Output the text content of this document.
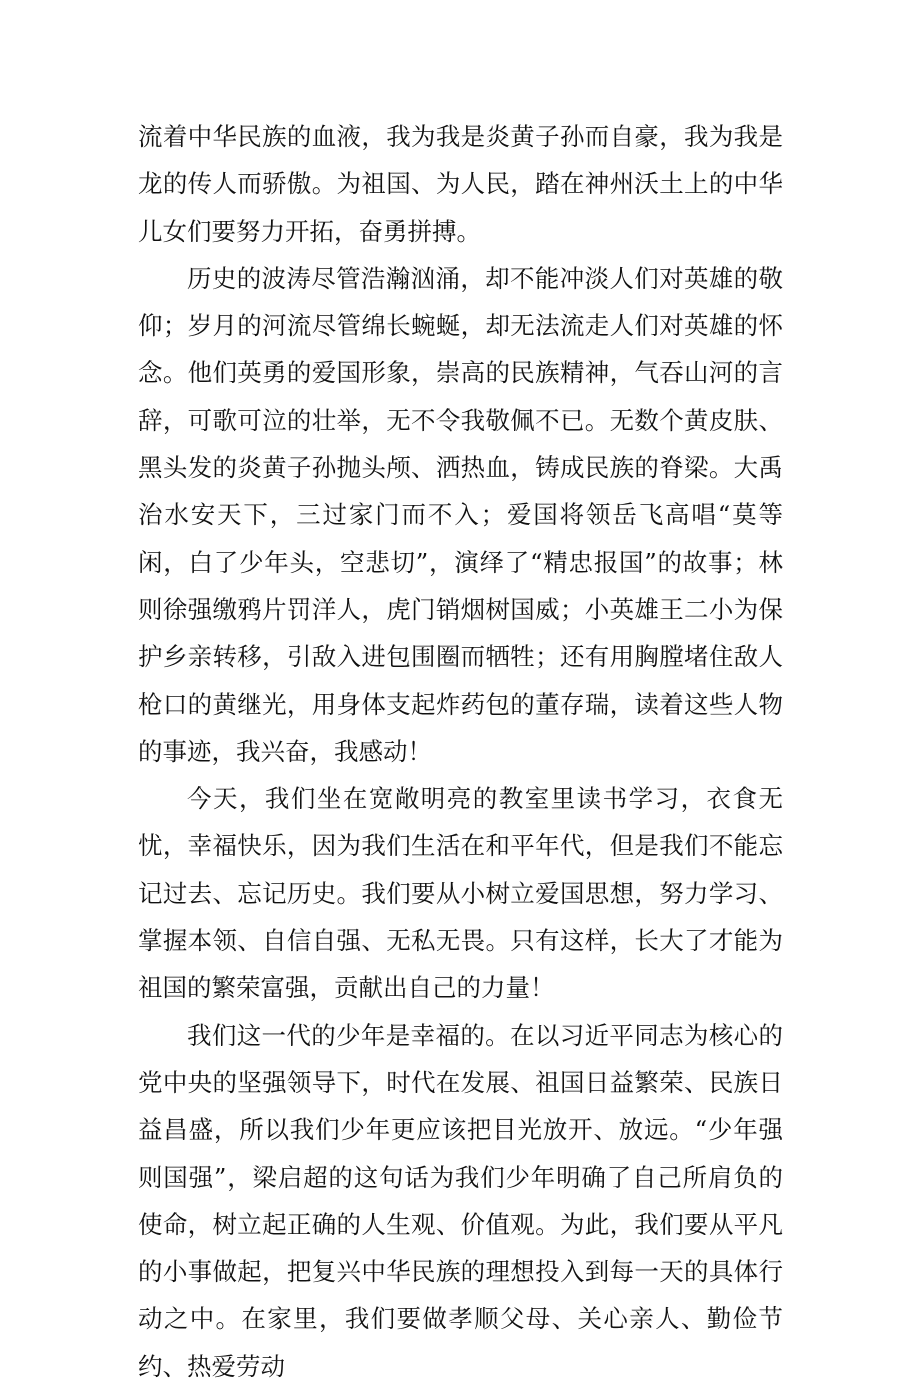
流着中华民族的血液，我为我是炎黄子孙而自豪，我为我是龙的传人而骄傲。为祖国、为人民，踏在神州沃土上的中华儿女们要努力开拓，奋勇拼搏。

历史的波涛尽管浩瀚汹涌，却不能冲淡人们对英雄的敬仰；岁月的河流尽管绵长蜿蜒，却无法流走人们对英雄的怀念。他们英勇的爱国形象，崇高的民族精神，气吞山河的言辞，可歌可泣的壮举，无不令我敬佩不已。无数个黄皮肤、黑头发的炎黄子孙抛头颅、洒热血，铸成民族的脊梁。大禹治水安天下，三过家门而不入；爱国将领岳飞高唱“莫等闲，白了少年头，空悲切”，演绎了“精忠报国”的故事；林则徐强缴鸦片罚洋人，虎门销烟树国威；小英雄王二小为保护乡亲转移，引敌入进包围圈而牺牲；还有用胸膛堵住敌人枪口的黄继光，用身体支起炸药包的董存瑞，读着这些人物的事迹，我兴奋，我感动！

今天，我们坐在宽敞明亮的教室里读书学习，衣食无忧，幸福快乐，因为我们生活在和平年代，但是我们不能忘记过去、忘记历史。我们要从小树立爱国思想，努力学习、掌握本领、自信自强、无私无畏。只有这样，长大了才能为祖国的繁荣富强，贡献出自己的力量！

我们这一代的少年是幸福的。在以习近平同志为核心的党中央的坚强领导下，时代在发展、祖国日益繁荣、民族日益昌盛，所以我们少年更应该把目光放开、放远。“少年强则国强”，梁启超的这句话为我们少年明确了自己所肩负的使命，树立起正确的人生观、价值观。为此，我们要从平凡的小事做起，把复兴中华民族的理想投入到每一天的具体行动之中。在家里，我们要做孝顺父母、关心亲人、勤俭节约、热爱劳动
